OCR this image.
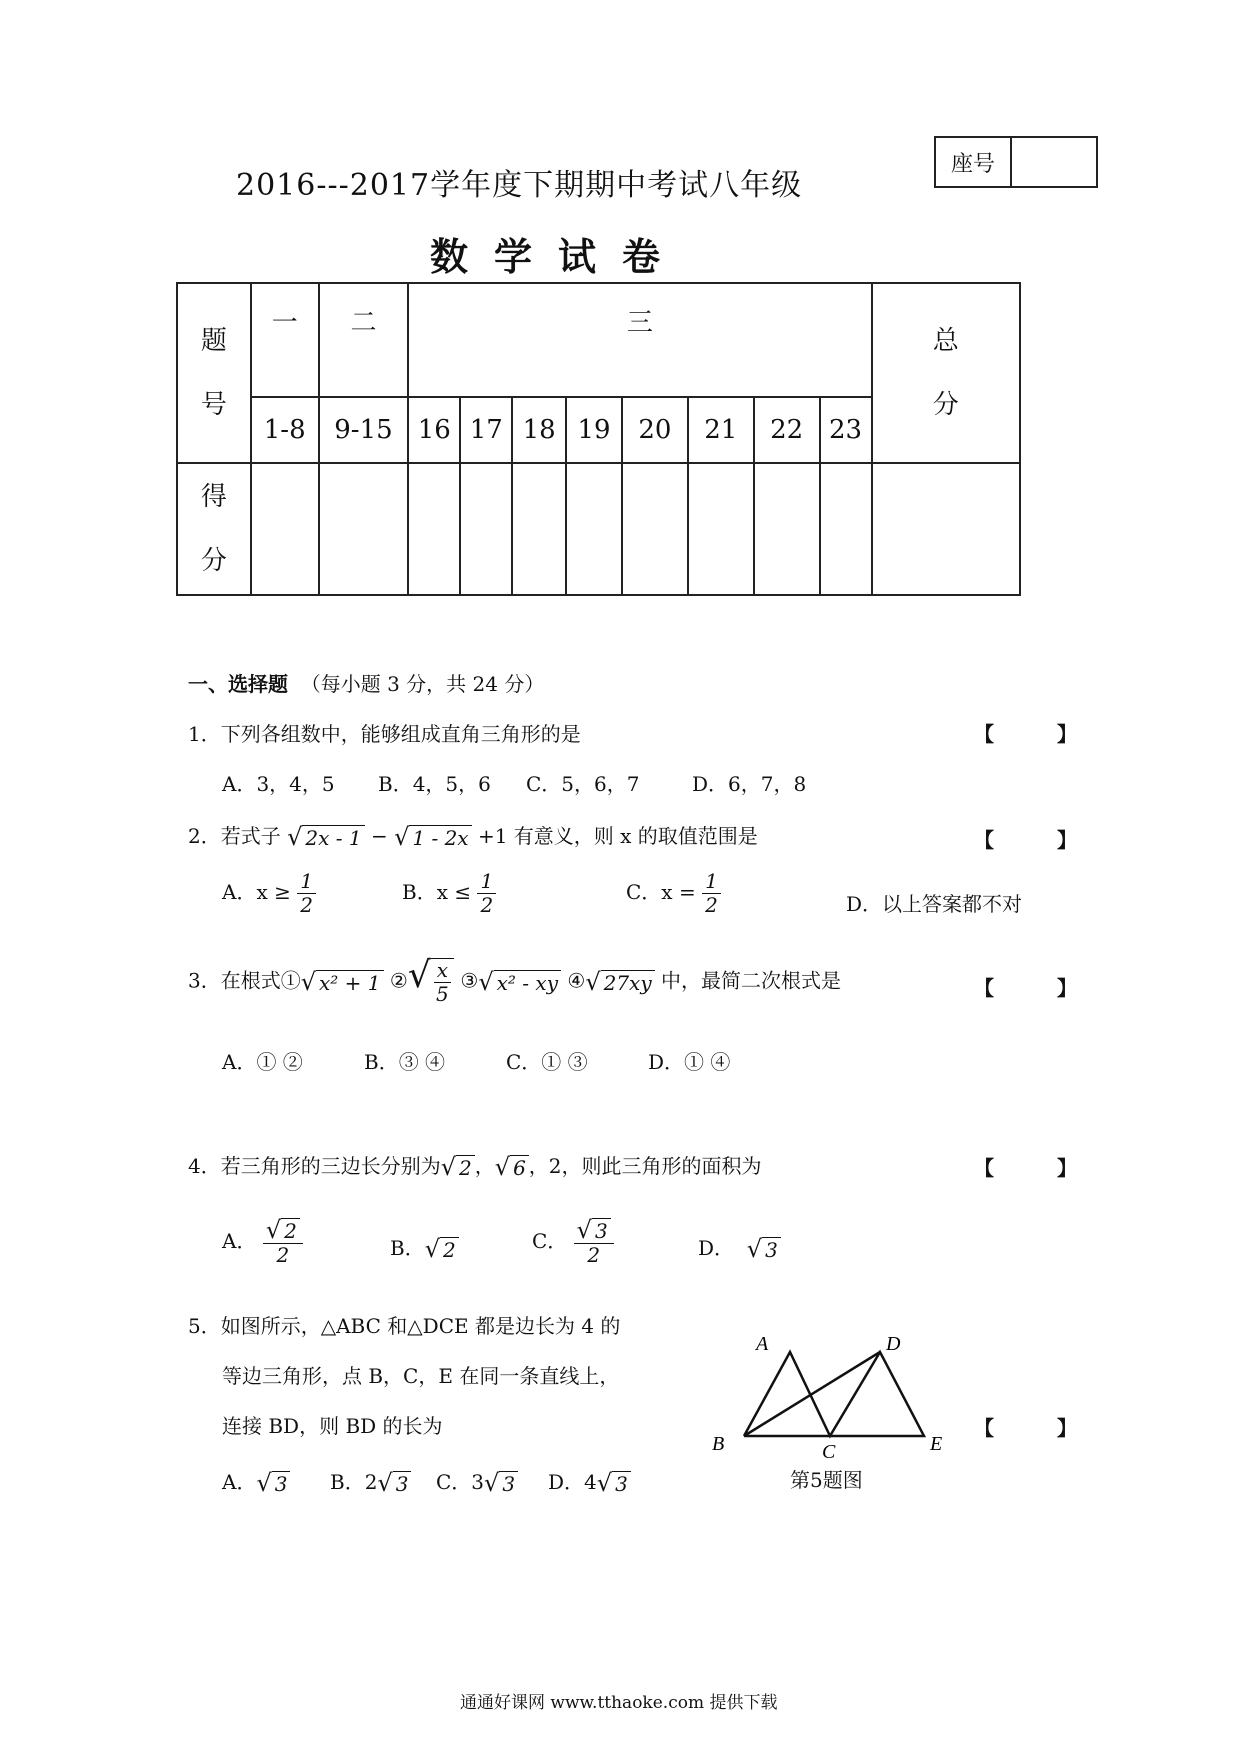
座号
2016---2017学年度下期期中考试八年级
数学试卷
题号	一	二	三								总分

	1-8	9-15	16	17	18	19	20	21	22	23	

得分											

一、选择题 （每小题 3 分，共 24 分）
1．下列各组数中，能够组成直角三角形的是	【 】
A．3，4，5 B．4，5，6 C．5，6，7	D．6，7，8
2．若式子 √ 2x - 1 − √ 1 - 2x +1 有意义，则 x 的取值范围是	【 】
A．$x \ge \frac{1}{2}$	B．$x \le \frac{1}{2}$	C．$x = \frac{1}{2}$	D．以上答案都不对
3．在根式① √ x² + 1 ② √ $\frac{x}{5}$ ③ √ x² - xy ④ √ 27xy 中，最简二次根式是	【 】
A．① ②	B．③ ④	C．① ③	D．① ④
4．若三角形的三边长分别为 √ 2 ， √ 6 ，2，则此三角形的面积为	【 】
A． $\frac{√ 2}{2}$	B． √ 2	C． $\frac{√ 3}{2}$	D． √ 3
5．如图所示，△ABC 和△DCE 都是边长为 4 的
等边三角形，点 B，C，E 在同一条直线上，
连接 BD，则 BD 的长为	【 】
A． √ 3 B．2 √ 3 C．3 √ 3 D．4 √ 3
A	D
B	C	E
第5题图
通通好课网 www.tthaoke.com 提供下载
